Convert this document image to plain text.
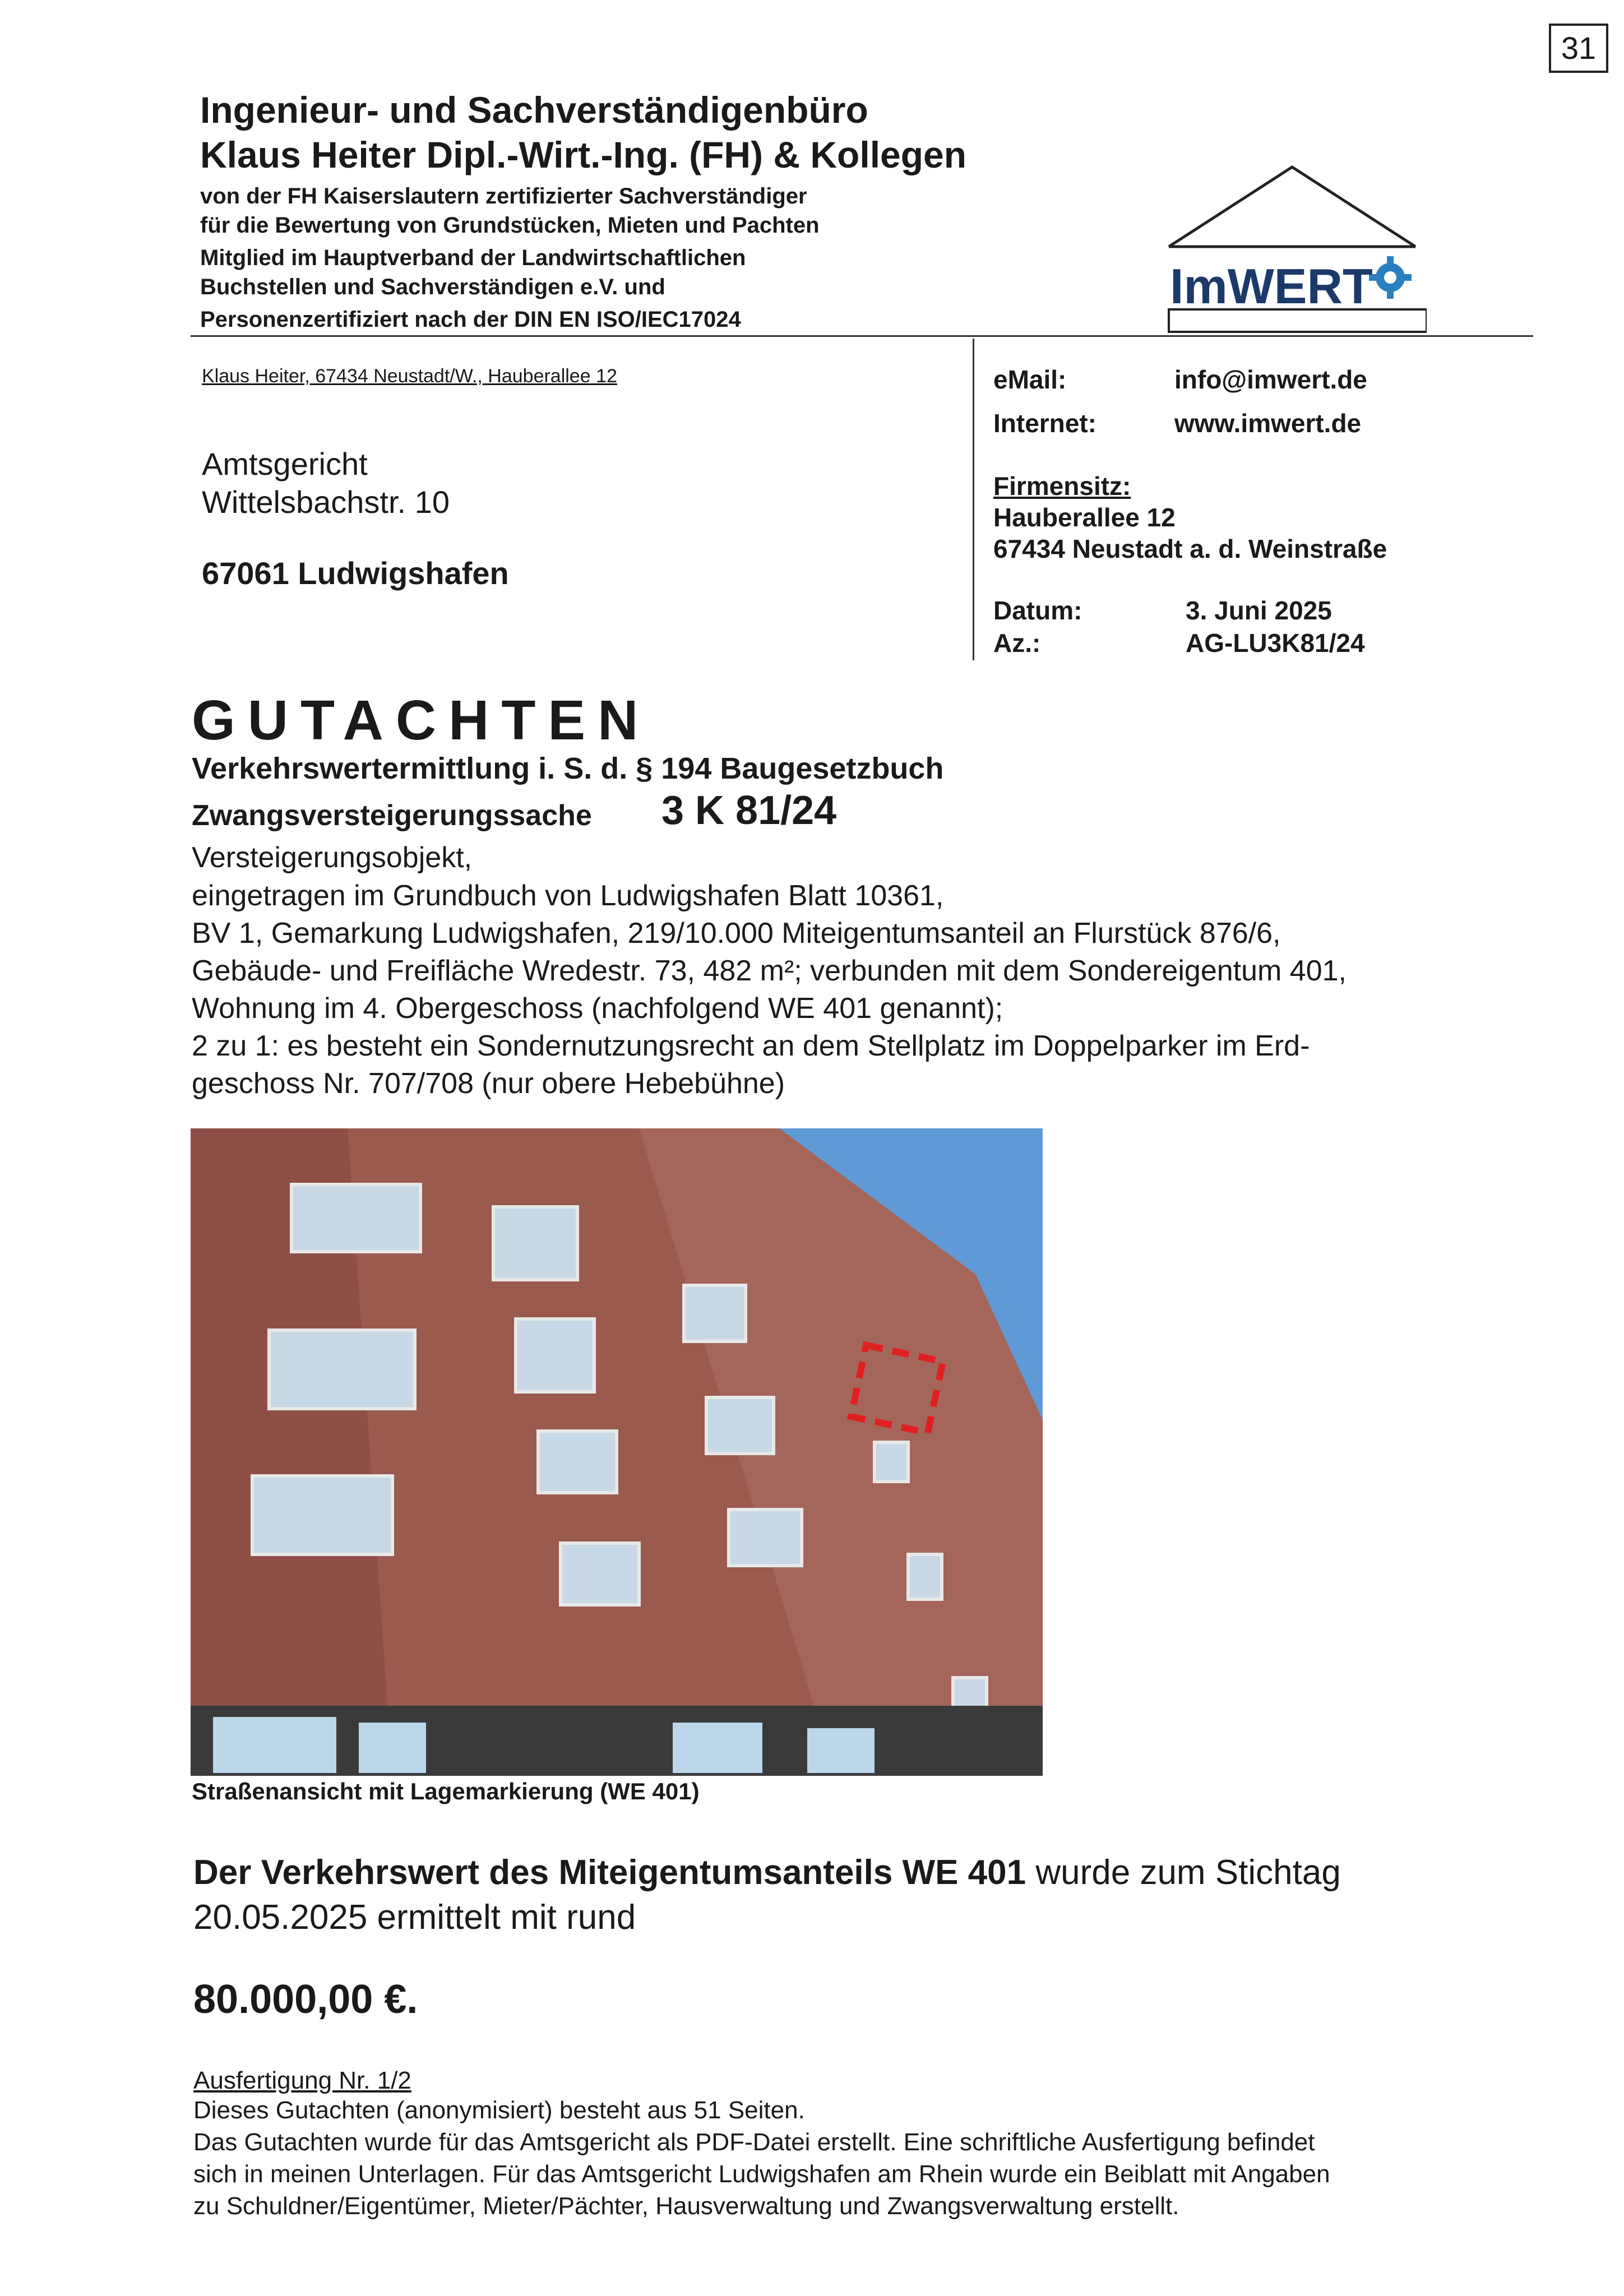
31
Ingenieur- und Sachverständigenbüro
Klaus Heiter Dipl.-Wirt.-Ing. (FH) & Kollegen
von der FH Kaiserslautern zertifizierter Sachverständiger
für die Bewertung von Grundstücken, Mieten und Pachten
Mitglied im Hauptverband der Landwirtschaftlichen
Buchstellen und Sachverständigen e.V. und
Personenzertifiziert nach der DIN EN ISO/IEC17024
ImWERT
Klaus Heiter, 67434 Neustadt/W., Hauberallee 12
Amtsgericht
Wittelsbachstr. 10
67061 Ludwigshafen
eMail:	info@imwert.de
Internet:	www.imwert.de
Firmensitz:
Hauberallee 12
67434 Neustadt a. d. Weinstraße
Datum:	3. Juni 2025
Az.:	AG-LU3K81/24
GUTACHTEN
Verkehrswertermittlung i. S. d. § 194 Baugesetzbuch
Zwangsversteigerungssache 3 K 81/24
Versteigerungsobjekt,
eingetragen im Grundbuch von Ludwigshafen Blatt 10361,
BV 1, Gemarkung Ludwigshafen, 219/10.000 Miteigentumsanteil an Flurstück 876/6,
Gebäude- und Freifläche Wredestr. 73, 482 m²; verbunden mit dem Sondereigentum 401,
Wohnung im 4. Obergeschoss (nachfolgend WE 401 genannt);
2 zu 1: es besteht ein Sondernutzungsrecht an dem Stellplatz im Doppelparker im Erd-
geschoss Nr. 707/708 (nur obere Hebebühne)
Straßenansicht mit Lagemarkierung (WE 401)
Der Verkehrswert des Miteigentumsanteils WE 401 wurde zum Stichtag
20.05.2025 ermittelt mit rund
80.000,00 €.
Ausfertigung Nr. 1/2
Dieses Gutachten (anonymisiert) besteht aus 51 Seiten.
Das Gutachten wurde für das Amtsgericht als PDF-Datei erstellt. Eine schriftliche Ausfertigung befindet
sich in meinen Unterlagen. Für das Amtsgericht Ludwigshafen am Rhein wurde ein Beiblatt mit Angaben
zu Schuldner/Eigentümer, Mieter/Pächter, Hausverwaltung und Zwangsverwaltung erstellt.
